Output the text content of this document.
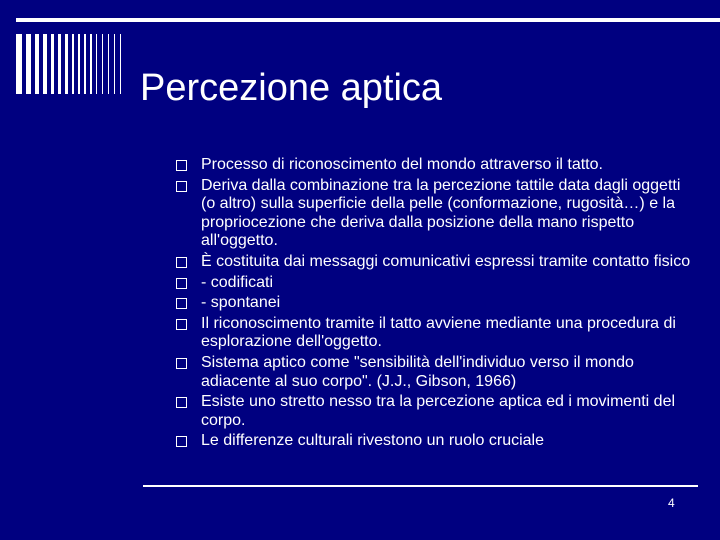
Percezione aptica
Processo di riconoscimento del mondo attraverso il tatto.
Deriva dalla combinazione tra la percezione tattile data dagli oggetti (o altro) sulla superficie della pelle (conformazione, rugosità…) e la propriocezione che deriva dalla posizione della mano rispetto all'oggetto.
È costituita dai messaggi comunicativi espressi tramite contatto fisico
- codificati
- spontanei
Il riconoscimento tramite il tatto avviene mediante una procedura di esplorazione dell'oggetto.
Sistema aptico come "sensibilità dell'individuo verso il mondo adiacente al suo corpo". (J.J., Gibson, 1966)
Esiste uno stretto nesso tra la percezione aptica ed i movimenti del corpo.
Le differenze culturali rivestono un ruolo cruciale
4
